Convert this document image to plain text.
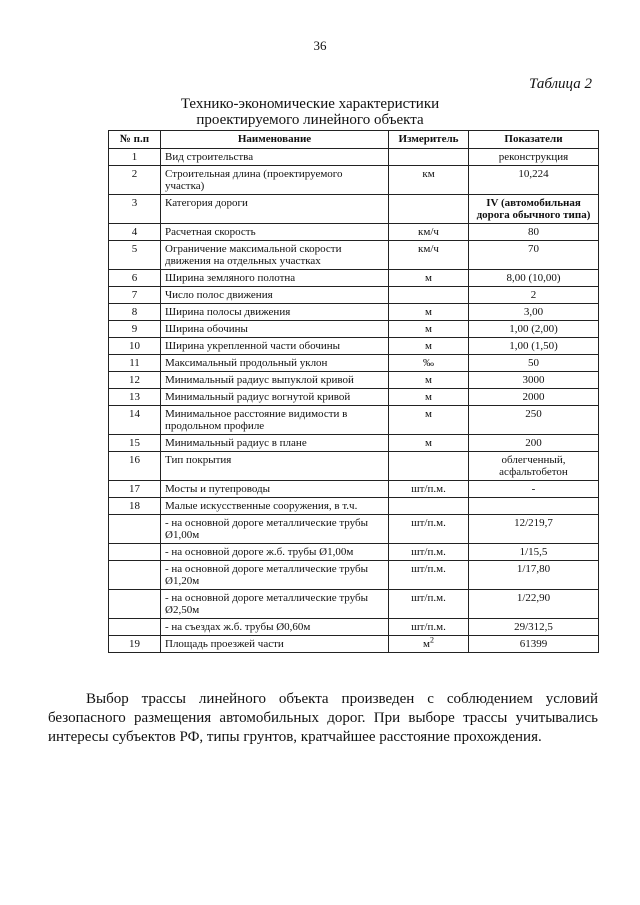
36
Таблица 2
Технико-экономические характеристики проектируемого линейного объекта
№ п.п	Наименование	Измеритель	Показатели
1	Вид строительства		реконструкция
2	Строительная длина (проектируемого участка)	км	10,224
3	Категория дороги		IV (автомобильная дорога обычного типа)
4	Расчетная скорость	км/ч	80
5	Ограничение максимальной скорости движения на отдельных участках	км/ч	70
6	Ширина земляного полотна	м	8,00 (10,00)
7	Число полос движения		2
8	Ширина полосы движения	м	3,00
9	Ширина обочины	м	1,00 (2,00)
10	Ширина укрепленной части обочины	м	1,00 (1,50)
11	Максимальный продольный уклон	‰	50
12	Минимальный радиус выпуклой кривой	м	3000
13	Минимальный радиус вогнутой кривой	м	2000
14	Минимальное расстояние видимости в продольном профиле	м	250
15	Минимальный радиус в плане	м	200
16	Тип покрытия		облегченный, асфальтобетон
17	Мосты и путепроводы	шт/п.м.	-
18	Малые искусственные сооружения, в т.ч.		
	- на основной дороге металлические трубы Ø1,00м	шт/п.м.	12/219,7
	- на основной дороге ж.б. трубы Ø1,00м	шт/п.м.	1/15,5
	- на основной дороге металлические трубы Ø1,20м	шт/п.м.	1/17,80
	- на основной дороге металлические трубы Ø2,50м	шт/п.м.	1/22,90
	- на съездах ж.б. трубы Ø0,60м	шт/п.м.	29/312,5
19	Площадь проезжей части	$м^2$	61399
Выбор трассы линейного объекта произведен с соблюдением условий безопасного размещения автомобильных дорог. При выборе трассы учитывались интересы субъектов РФ, типы грунтов, кратчайшее расстояние прохождения.
